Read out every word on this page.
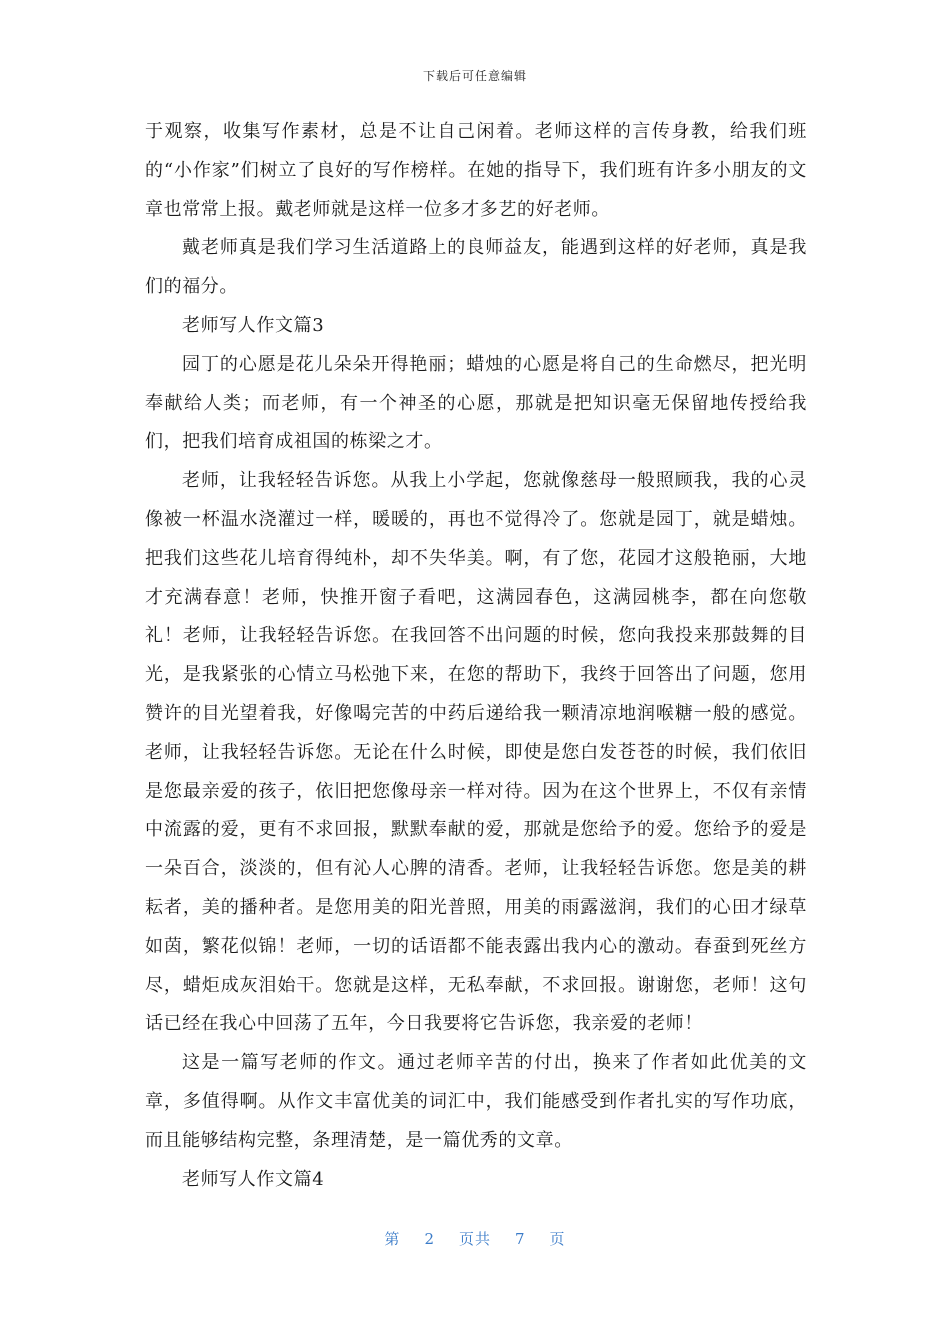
下载后可任意编辑

于观察，收集写作素材，总是不让自己闲着。老师这样的言传身教，给我们班的“小作家”们树立了良好的写作榜样。在她的指导下，我们班有许多小朋友的文章也常常上报。戴老师就是这样一位多才多艺的好老师。

戴老师真是我们学习生活道路上的良师益友，能遇到这样的好老师，真是我们的福分。

老师写人作文篇3

园丁的心愿是花儿朵朵开得艳丽；蜡烛的心愿是将自己的生命燃尽，把光明奉献给人类；而老师，有一个神圣的心愿，那就是把知识毫无保留地传授给我们，把我们培育成祖国的栋梁之才。

老师，让我轻轻告诉您。从我上小学起，您就像慈母一般照顾我，我的心灵像被一杯温水浇灌过一样，暖暖的，再也不觉得冷了。您就是园丁，就是蜡烛。把我们这些花儿培育得纯朴，却不失华美。啊，有了您，花园才这般艳丽，大地才充满春意！老师，快推开窗子看吧，这满园春色，这满园桃李，都在向您敬礼！老师，让我轻轻告诉您。在我回答不出问题的时候，您向我投来那鼓舞的目光，是我紧张的心情立马松弛下来，在您的帮助下，我终于回答出了问题，您用赞许的目光望着我，好像喝完苦的中药后递给我一颗清凉地润喉糖一般的感觉。老师，让我轻轻告诉您。无论在什么时候，即使是您白发苍苍的时候，我们依旧是您最亲爱的孩子，依旧把您像母亲一样对待。因为在这个世界上，不仅有亲情中流露的爱，更有不求回报，默默奉献的爱，那就是您给予的爱。您给予的爱是一朵百合，淡淡的，但有沁人心脾的清香。老师，让我轻轻告诉您。您是美的耕耘者，美的播种者。是您用美的阳光普照，用美的雨露滋润，我们的心田才绿草如茵，繁花似锦！老师，一切的话语都不能表露出我内心的激动。春蚕到死丝方尽，蜡炬成灰泪始干。您就是这样，无私奉献，不求回报。谢谢您，老师！这句话已经在我心中回荡了五年，今日我要将它告诉您，我亲爱的老师！

这是一篇写老师的作文。通过老师辛苦的付出，换来了作者如此优美的文章，多值得啊。从作文丰富优美的词汇中，我们能感受到作者扎实的写作功底，而且能够结构完整，条理清楚，是一篇优秀的文章。

老师写人作文篇4

第 2 页共 7 页
